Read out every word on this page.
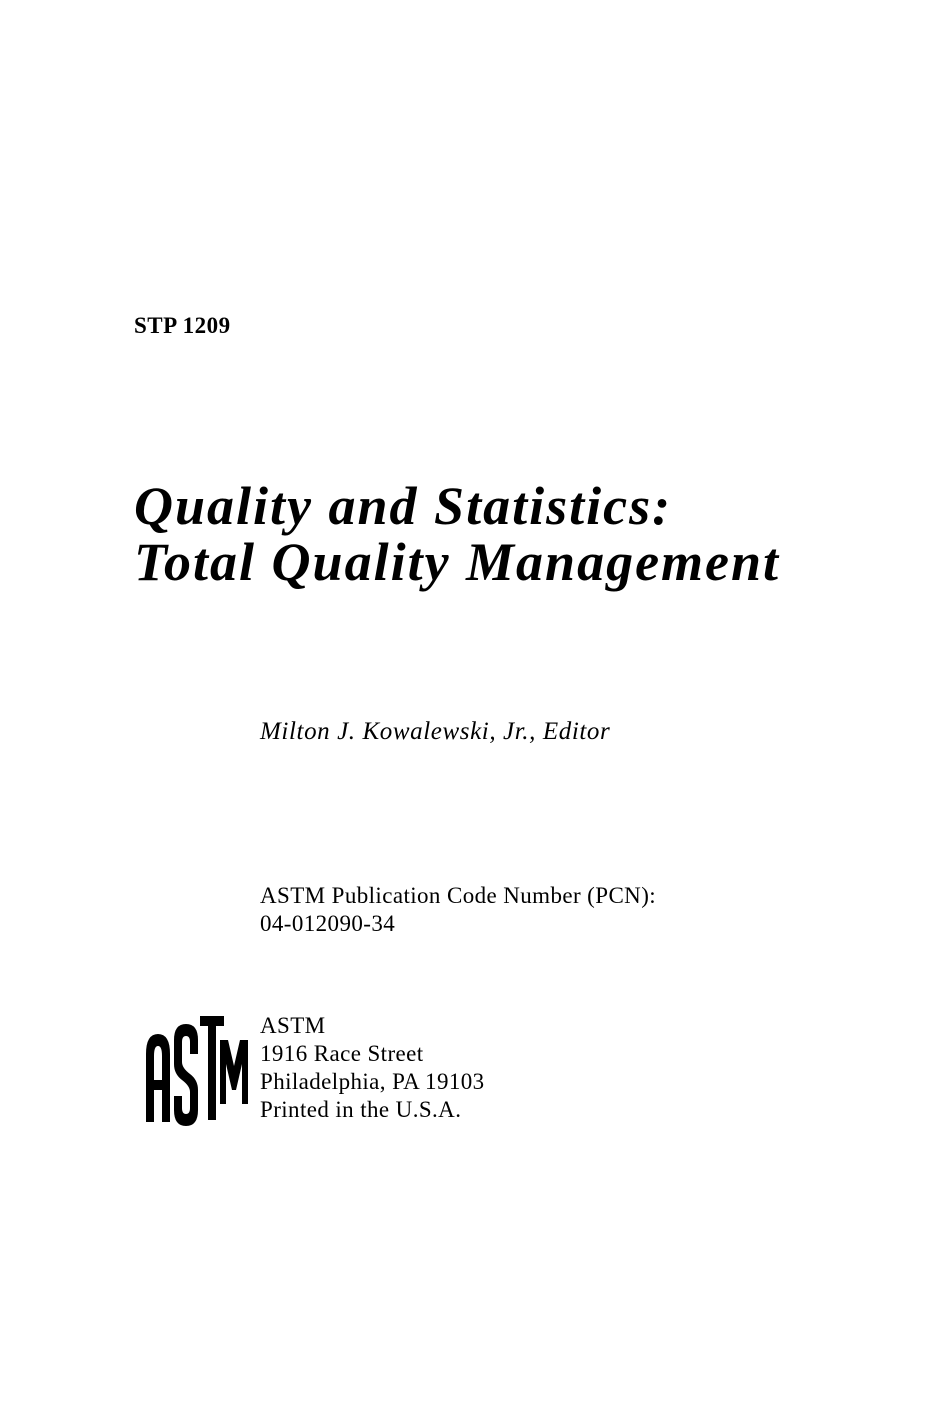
STP 1209

Quality and Statistics:
Total Quality Management

Milton J. Kowalewski, Jr., Editor

ASTM Publication Code Number (PCN):
04-012090-34
ASTM
1916 Race Street
Philadelphia, PA 19103
Printed in the U.S.A.
